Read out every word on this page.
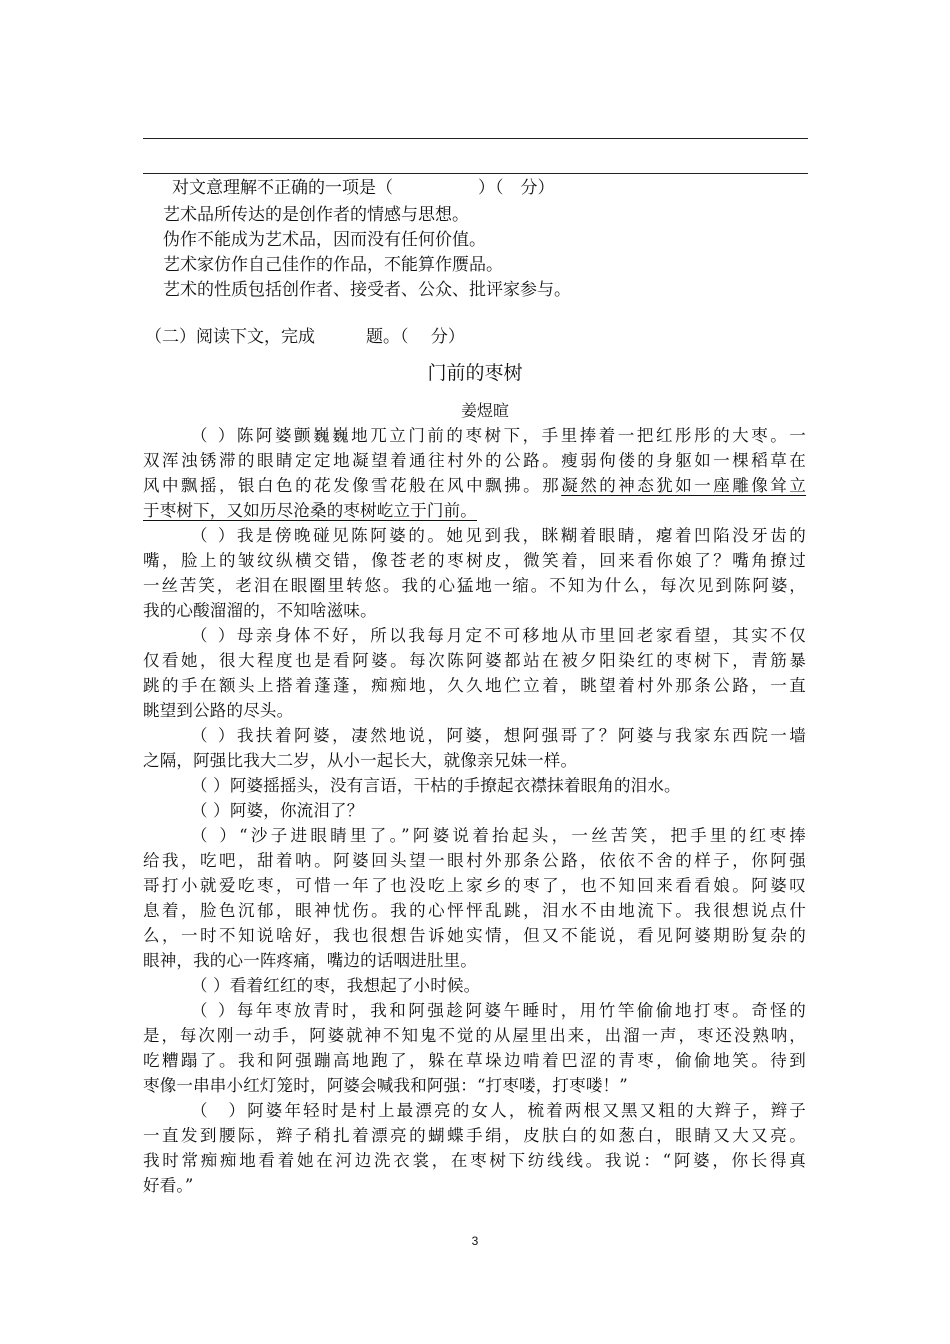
对文意理解不正确的一项是（　　　　　）（　分）
艺术品所传达的是创作者的情感与思想。
伪作不能成为艺术品，因而没有任何价值。
艺术家仿作自己佳作的作品，不能算作赝品。
艺术的性质包括创作者、接受者、公众、批评家参与。
（二）阅读下文，完成　　　题。（　 分）
门前的枣树
姜煜暄
（ ）陈阿婆颤巍巍地兀立门前的枣树下，手里捧着一把红彤彤的大枣。一
双浑浊锈滞的眼睛定定地凝望着通往村外的公路。瘦弱佝偻的身躯如一棵稻草在
风中飘摇，银白色的花发像雪花般在风中飘拂。那凝然的神态犹如一座雕像耸立
于枣树下，又如历尽沧桑的枣树屹立于门前。
（ ）我是傍晚碰见陈阿婆的。她见到我，眯糊着眼睛，瘪着凹陷没牙齿的
嘴，脸上的皱纹纵横交错，像苍老的枣树皮，微笑着，回来看你娘了？嘴角撩过
一丝苦笑，老泪在眼圈里转悠。我的心猛地一缩。不知为什么，每次见到陈阿婆，
我的心酸溜溜的，不知啥滋味。
（ ）母亲身体不好，所以我每月定不可移地从市里回老家看望，其实不仅
仅看她，很大程度也是看阿婆。每次陈阿婆都站在被夕阳染红的枣树下，青筋暴
跳的手在额头上搭着蓬蓬，痴痴地，久久地伫立着，眺望着村外那条公路，一直
眺望到公路的尽头。
（ ）我扶着阿婆，凄然地说，阿婆，想阿强哥了？阿婆与我家东西院一墙
之隔，阿强比我大二岁，从小一起长大，就像亲兄妹一样。
（ ）阿婆摇摇头，没有言语，干枯的手撩起衣襟抹着眼角的泪水。
（ ）阿婆，你流泪了？
（ ）“沙子进眼睛里了。”阿婆说着抬起头，一丝苦笑，把手里的红枣捧
给我，吃吧，甜着呐。阿婆回头望一眼村外那条公路，依依不舍的样子，你阿强
哥打小就爱吃枣，可惜一年了也没吃上家乡的枣了，也不知回来看看娘。阿婆叹
息着，脸色沉郁，眼神忧伤。我的心怦怦乱跳，泪水不由地流下。我很想说点什
么，一时不知说啥好，我也很想告诉她实情，但又不能说，看见阿婆期盼复杂的
眼神，我的心一阵疼痛，嘴边的话咽进肚里。
（ ）看着红红的枣，我想起了小时候。
（ ）每年枣放青时，我和阿强趁阿婆午睡时，用竹竿偷偷地打枣。奇怪的
是，每次刚一动手，阿婆就神不知鬼不觉的从屋里出来，出溜一声，枣还没熟呐，
吃糟蹋了。我和阿强蹦高地跑了，躲在草垛边啃着巴涩的青枣，偷偷地笑。待到
枣像一串串小红灯笼时，阿婆会喊我和阿强：“打枣喽，打枣喽！”
（　）阿婆年轻时是村上最漂亮的女人，梳着两根又黑又粗的大辫子，辫子
一直发到腰际，辫子稍扎着漂亮的蝴蝶手绢，皮肤白的如葱白，眼睛又大又亮。
我时常痴痴地看着她在河边洗衣裳，在枣树下纺线线。我说：“阿婆，你长得真
好看。”
3
